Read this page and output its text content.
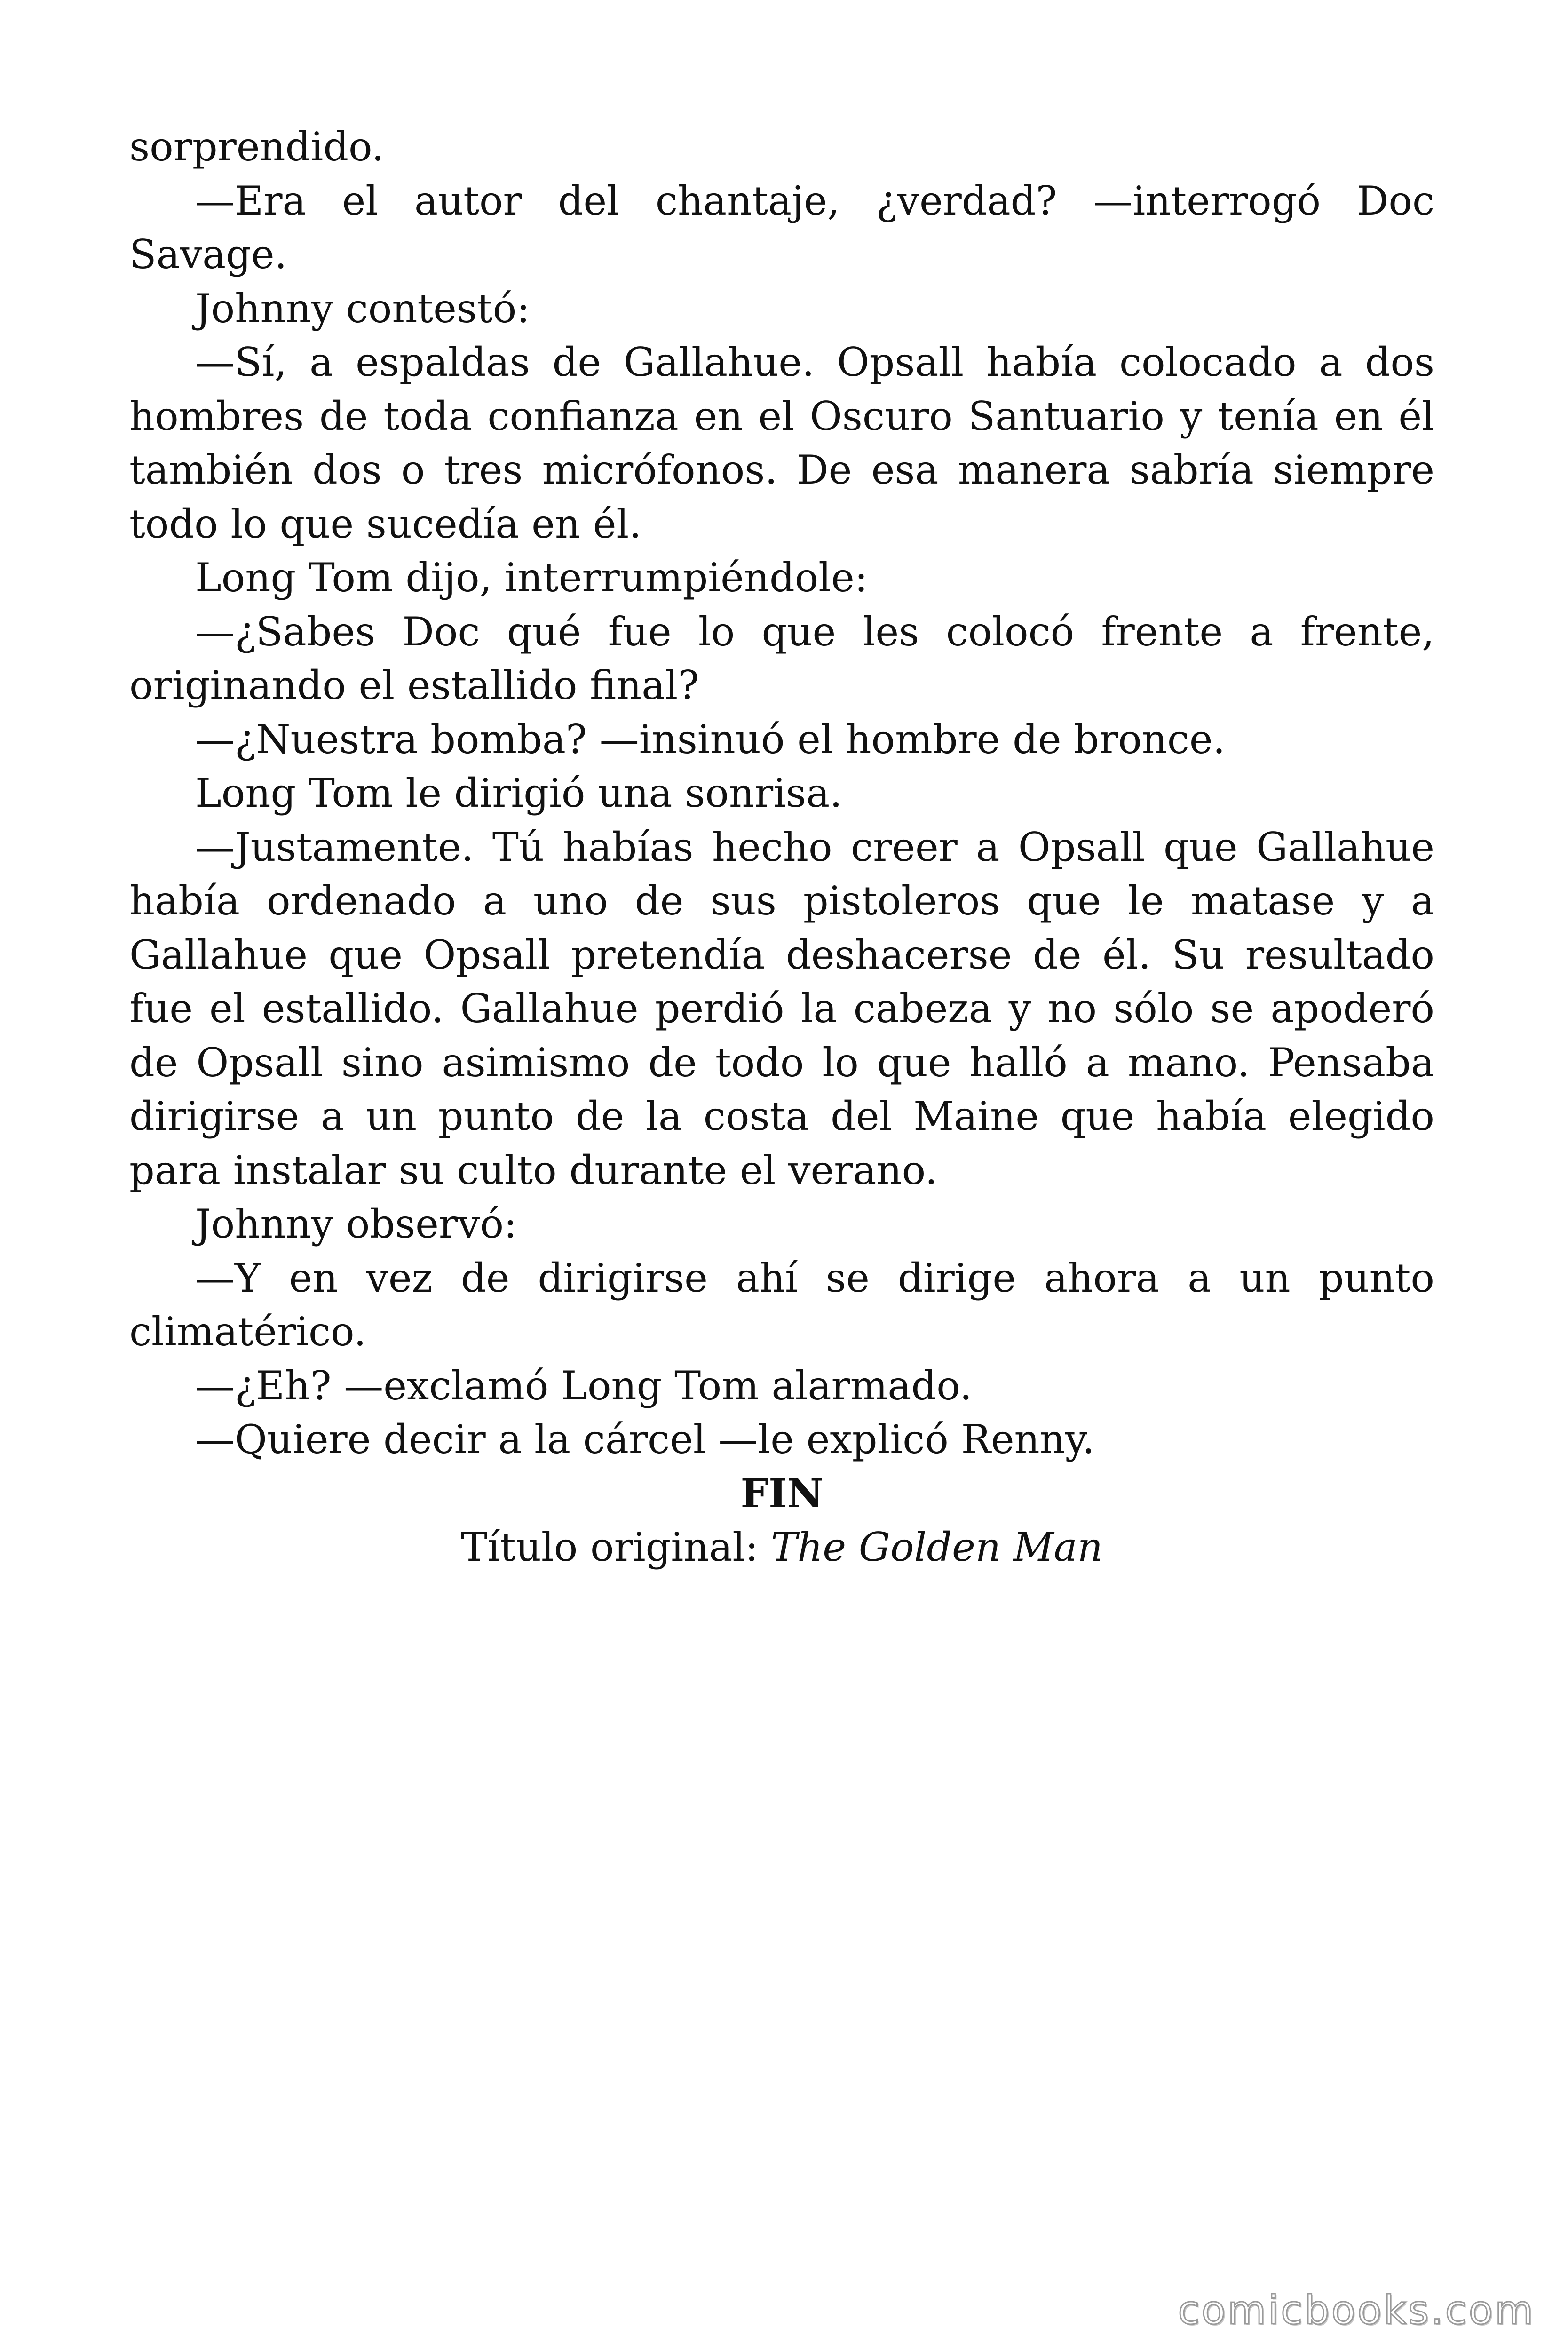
sorprendido.

—Era el autor del chantaje, ¿verdad? —interrogó Doc Savage.

Johnny contestó:

—Sí, a espaldas de Gallahue. Opsall había colocado a dos hombres de toda confianza en el Oscuro Santuario y tenía en él también dos o tres micrófonos. De esa manera sabría siempre todo lo que sucedía en él.

Long Tom dijo, interrumpiéndole:

—¿Sabes Doc qué fue lo que les colocó frente a frente, originando el estallido final?

—¿Nuestra bomba? —insinuó el hombre de bronce.

Long Tom le dirigió una sonrisa.

—Justamente. Tú habías hecho creer a Opsall que Gallahue había ordenado a uno de sus pistoleros que le matase y a Gallahue que Opsall pretendía deshacerse de él. Su resultado fue el estallido. Gallahue perdió la cabeza y no sólo se apoderó de Opsall sino asimismo de todo lo que halló a mano. Pensaba dirigirse a un punto de la costa del Maine que había elegido para instalar su culto durante el verano.

Johnny observó:

—Y en vez de dirigirse ahí se dirige ahora a un punto climatérico.

—¿Eh? —exclamó Long Tom alarmado.

—Quiere decir a la cárcel —le explicó Renny.

FIN

Título original: The Golden Man

comicbooks.com
